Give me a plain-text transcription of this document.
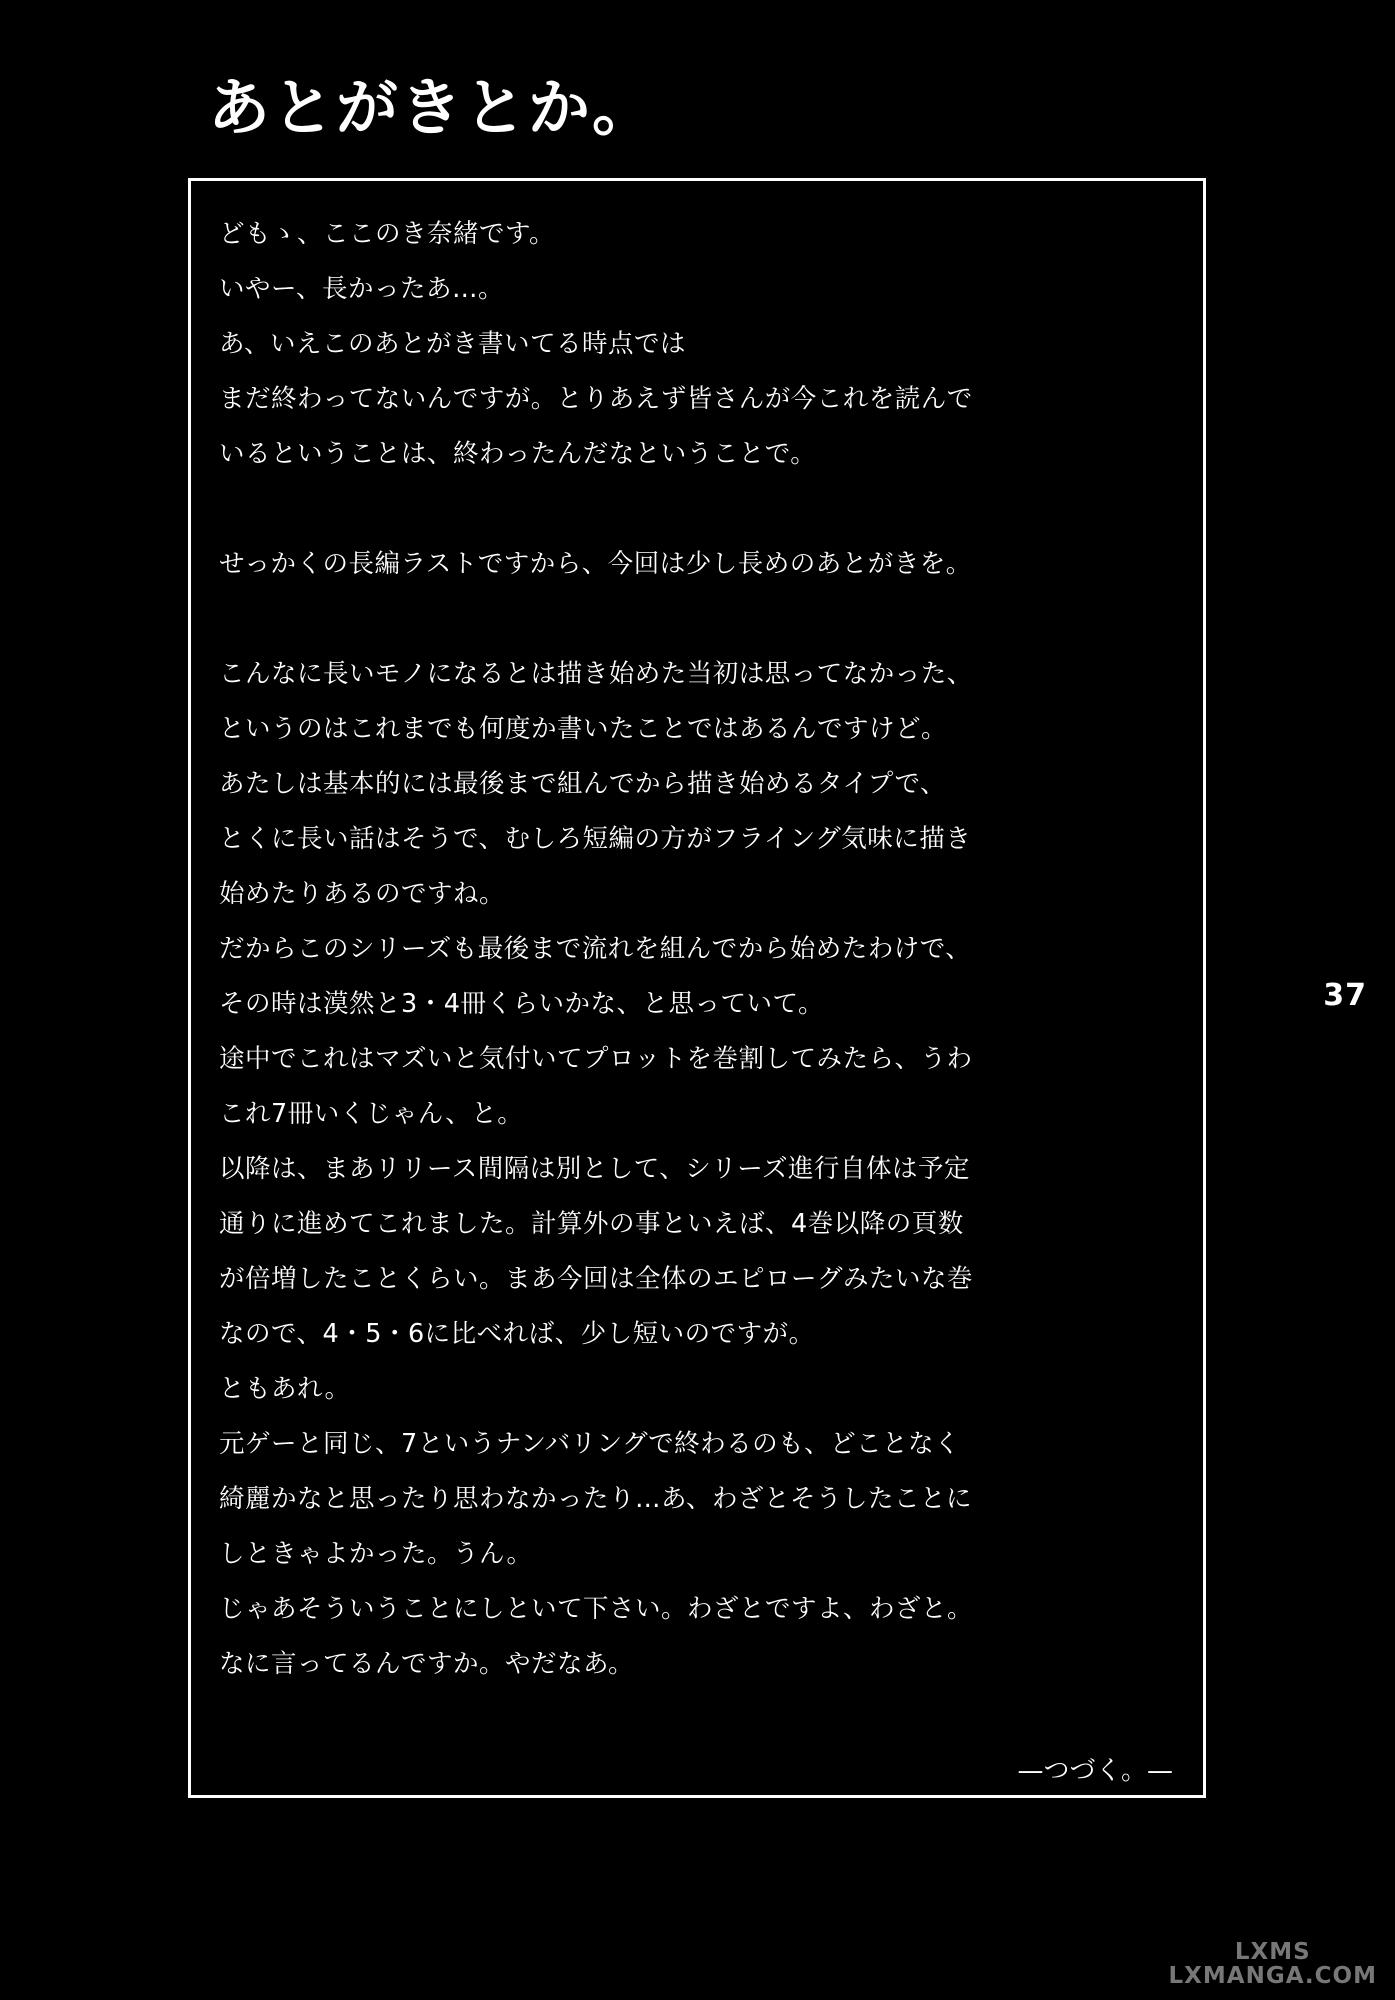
あとがきとか。

どもゝ、ここのき奈緒です。

いやー、長かったあ…。

あ、いえこのあとがき書いてる時点では

まだ終わってないんですが。とりあえず皆さんが今これを読んで

いるということは、終わったんだなということで。

せっかくの長編ラストですから、今回は少し長めのあとがきを。

こんなに長いモノになるとは描き始めた当初は思ってなかった、

というのはこれまでも何度か書いたことではあるんですけど。

あたしは基本的には最後まで組んでから描き始めるタイプで、

とくに長い話はそうで、むしろ短編の方がフライング気味に描き

始めたりあるのですね。

だからこのシリーズも最後まで流れを組んでから始めたわけで、

その時は漠然と3・4冊くらいかな、と思っていて。

途中でこれはマズいと気付いてプロットを巻割してみたら、うわ

これ7冊いくじゃん、と。

以降は、まあリリース間隔は別として、シリーズ進行自体は予定

通りに進めてこれました。計算外の事といえば、4巻以降の頁数

が倍増したことくらい。まあ今回は全体のエピローグみたいな巻

なので、4・5・6に比べれば、少し短いのですが。

ともあれ。

元ゲーと同じ、7というナンバリングで終わるのも、どことなく

綺麗かなと思ったり思わなかったり…あ、わざとそうしたことに

しときゃよかった。うん。

じゃあそういうことにしといて下さい。わざとですよ、わざと。

なに言ってるんですか。やだなあ。

—つづく。—
37
LXMS
LXMANGA.COM
